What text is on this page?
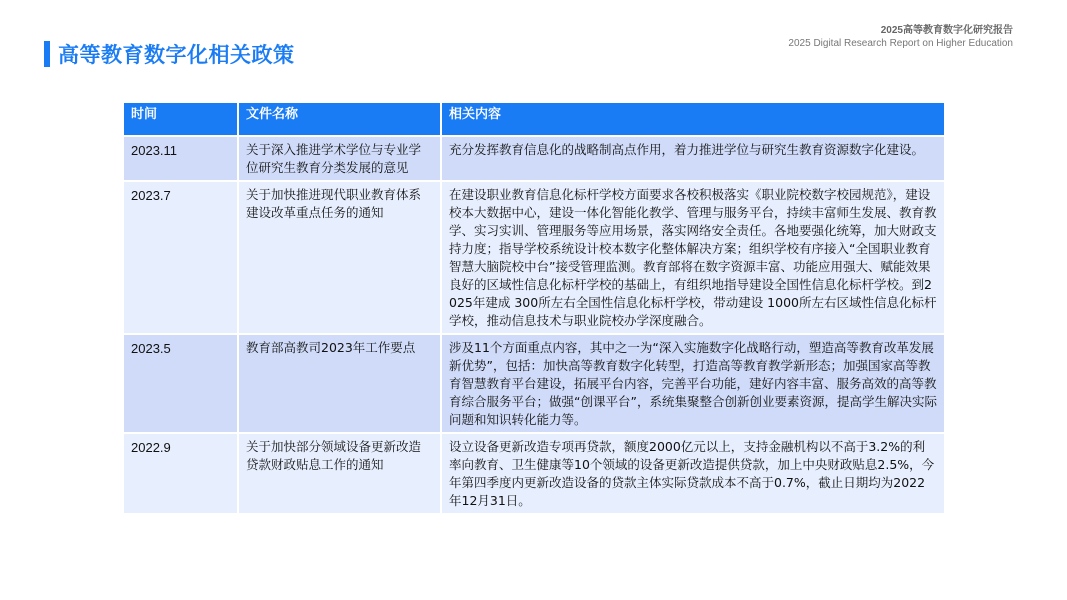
高等教育数字化相关政策
2025高等教育数字化研究报告
2025 Digital Research Report on Higher Education
时间	文件名称	相关内容
2023.11	关于深入推进学术学位与专业学位研究生教育分类发展的意见	充分发挥教育信息化的战略制高点作用，着力推进学位与研究生教育资源数字化建设。
2023.7	关于加快推进现代职业教育体系建设改革重点任务的通知	在建设职业教育信息化标杆学校方面要求各校积极落实《职业院校数字校园规范》，建设校本大数据中心，建设一体化智能化教学、管理与服务平台，持续丰富师生发展、教育教学、实习实训、管理服务等应用场景，落实网络安全责任。各地要强化统筹，加大财政支持力度；指导学校系统设计校本数字化整体解决方案；组织学校有序接入“全国职业教育智慧大脑院校中台”接受管理监测。教育部将在数字资源丰富、功能应用强大、赋能效果良好的区域性信息化标杆学校的基础上，有组织地指导建设全国性信息化标杆学校。到2025年建成 300所左右全国性信息化标杆学校，带动建设 1000所左右区域性信息化标杆学校，推动信息技术与职业院校办学深度融合。
2023.5	教育部高教司2023年工作要点	涉及11个方面重点内容，其中之一为“深入实施数字化战略行动，塑造高等教育改革发展新优势”，包括：加快高等教育数字化转型，打造高等教育教学新形态；加强国家高等教育智慧教育平台建设，拓展平台内容，完善平台功能，建好内容丰富、服务高效的高等教育综合服务平台；做强“创课平台”，系统集聚整合创新创业要素资源，提高学生解决实际问题和知识转化能力等。
2022.9	关于加快部分领域设备更新改造贷款财政贴息工作的通知	设立设备更新改造专项再贷款，额度2000亿元以上，支持金融机构以不高于3.2%的利率向教育、卫生健康等10个领域的设备更新改造提供贷款，加上中央财政贴息2.5%，今年第四季度内更新改造设备的贷款主体实际贷款成本不高于0.7%，截止日期均为2022年12月31日。
